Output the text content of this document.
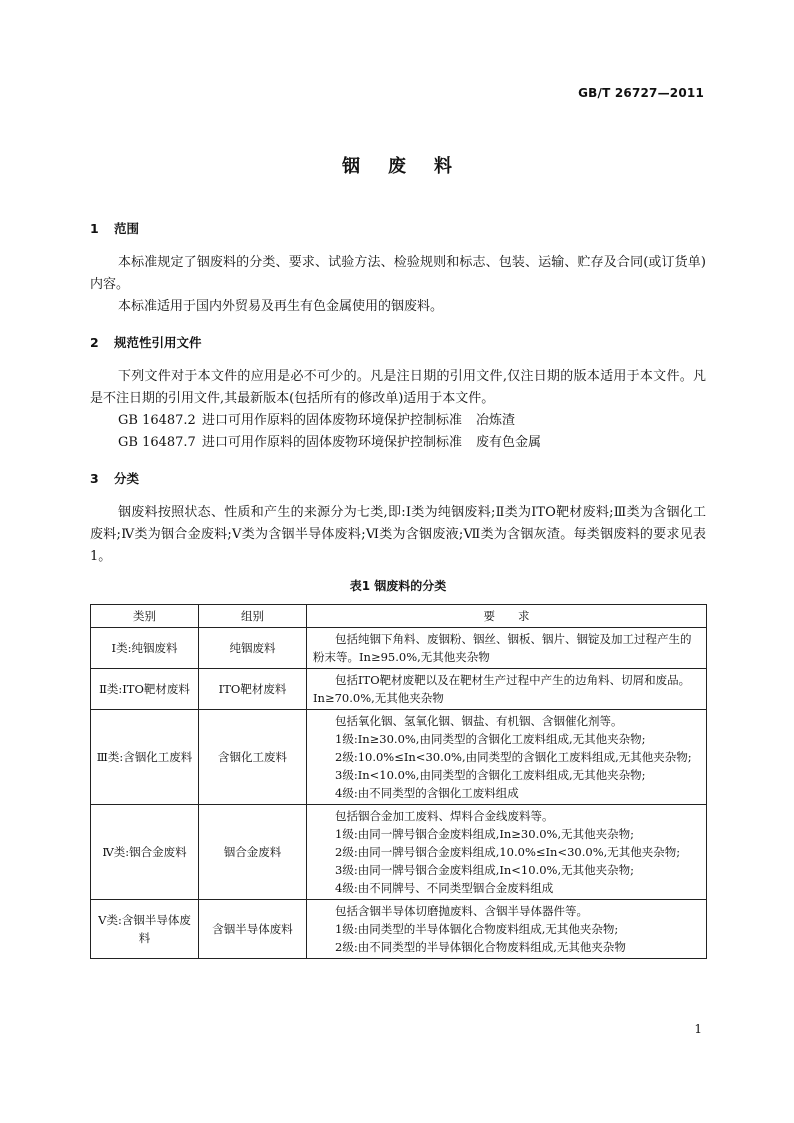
GB/T 26727—2011
铟废料
1 范围
本标准规定了铟废料的分类、要求、试验方法、检验规则和标志、包装、运输、贮存及合同(或订货单)内容。
本标准适用于国内外贸易及再生有色金属使用的铟废料。
2 规范性引用文件
下列文件对于本文件的应用是必不可少的。凡是注日期的引用文件,仅注日期的版本适用于本文件。凡是不注日期的引用文件,其最新版本(包括所有的修改单)适用于本文件。
GB 16487.2 进口可用作原料的固体废物环境保护控制标准 冶炼渣
GB 16487.7 进口可用作原料的固体废物环境保护控制标准 废有色金属
3 分类
铟废料按照状态、性质和产生的来源分为七类,即:Ⅰ类为纯铟废料;Ⅱ类为ITO靶材废料;Ⅲ类为含铟化工废料;Ⅳ类为铟合金废料;Ⅴ类为含铟半导体废料;Ⅵ类为含铟废液;Ⅶ类为含铟灰渣。每类铟废料的要求见表1。
表1 铟废料的分类
类别	组别	要　　求
Ⅰ类:纯铟废料	纯铟废料	包括纯铟下角料、废铟粉、铟丝、铟板、铟片、铟锭及加工过程产生的粉末等。In≥95.0%,无其他夹杂物

Ⅱ类:ITO靶材废料	ITO靶材废料	包括ITO靶材废靶以及在靶材生产过程中产生的边角料、切屑和废品。In≥70.0%,无其他夹杂物

Ⅲ类:含铟化工废料	含铟化工废料	包括氧化铟、氢氧化铟、铟盐、有机铟、含铟催化剂等。
1级:In≥30.0%,由同类型的含铟化工废料组成,无其他夹杂物;
2级:10.0%≤In<30.0%,由同类型的含铟化工废料组成,无其他夹杂物;
3级:In<10.0%,由同类型的含铟化工废料组成,无其他夹杂物;
4级:由不同类型的含铟化工废料组成

Ⅳ类:铟合金废料	铟合金废料	包括铟合金加工废料、焊料合金线废料等。
1级:由同一牌号铟合金废料组成,In≥30.0%,无其他夹杂物;
2级:由同一牌号铟合金废料组成,10.0%≤In<30.0%,无其他夹杂物;
3级:由同一牌号铟合金废料组成,In<10.0%,无其他夹杂物;
4级:由不同牌号、不同类型铟合金废料组成

Ⅴ类:含铟半导体废料	含铟半导体废料	包括含铟半导体切磨抛废料、含铟半导体器件等。
1级:由同类型的半导体铟化合物废料组成,无其他夹杂物;
2级:由不同类型的半导体铟化合物废料组成,无其他夹杂物
1
